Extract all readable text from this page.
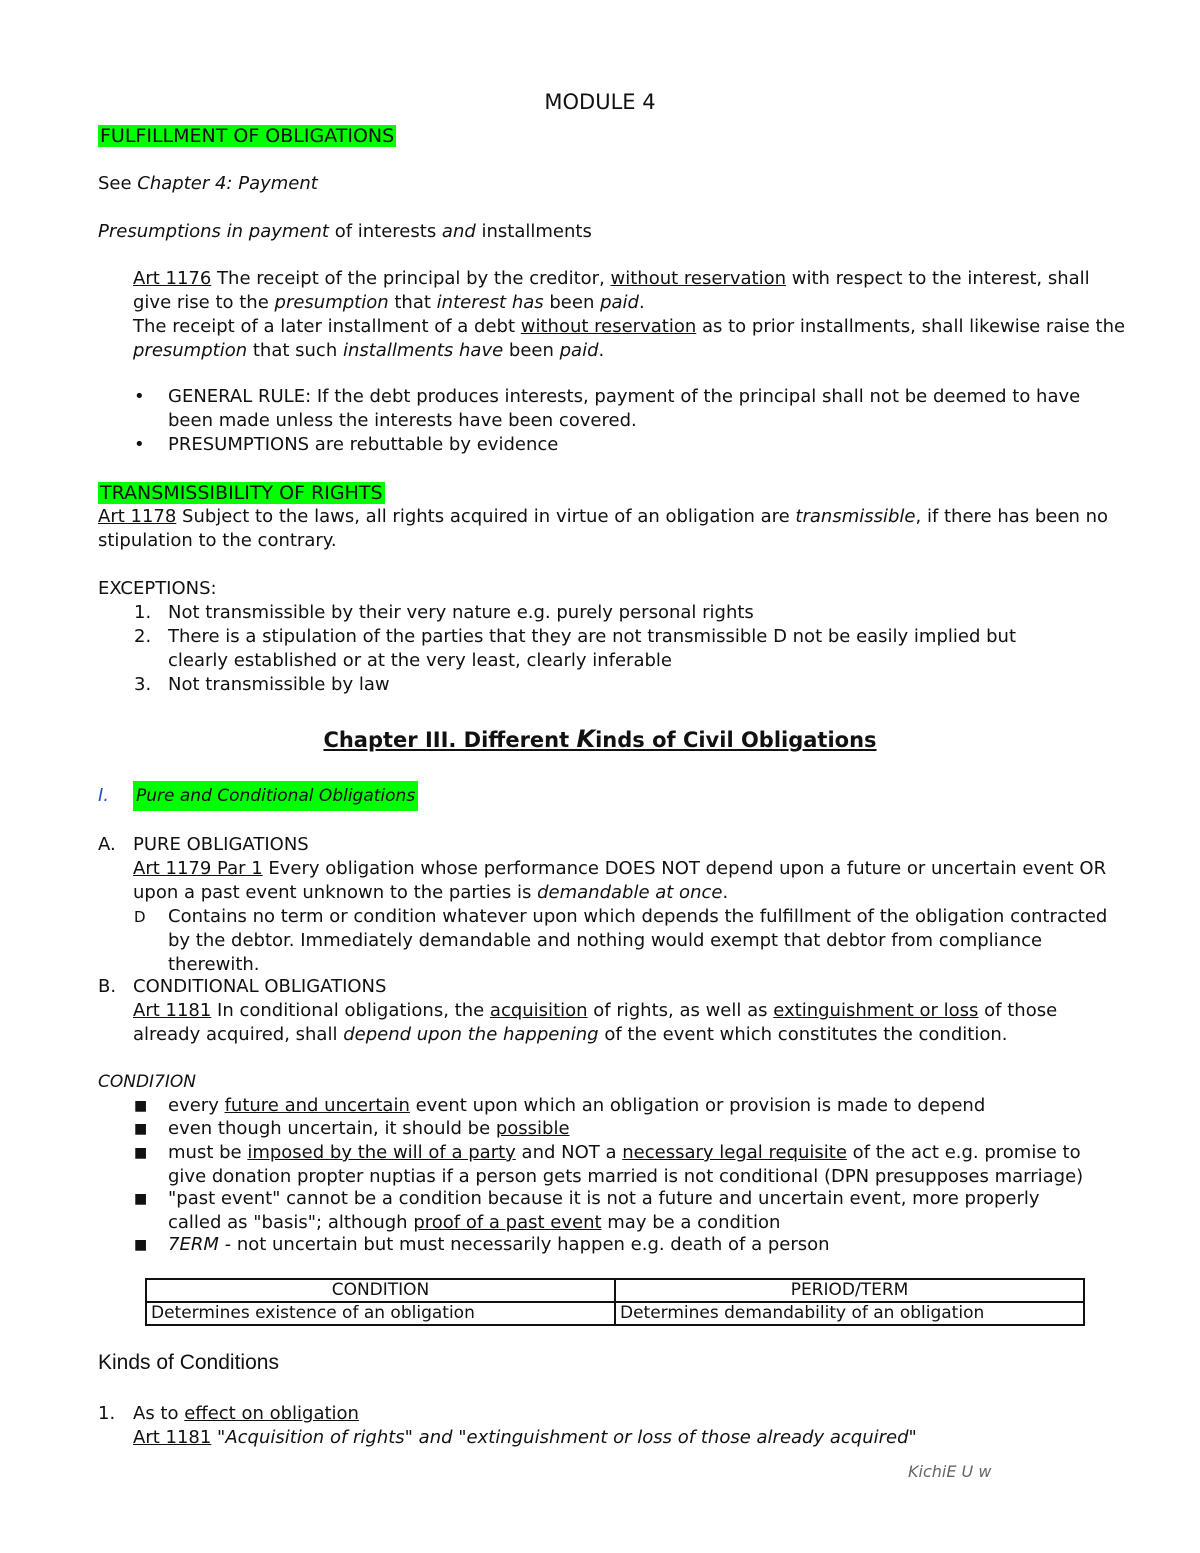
MODULE 4
FULFILLMENT OF OBLIGATIONS
See Chapter 4: Payment
Presumptions in payment of interests and installments
Art 1176 The receipt of the principal by the creditor, without reservation with respect to the interest, shall give rise to the presumption that interest has been paid.
The receipt of a later installment of a debt without reservation as to prior installments, shall likewise raise the presumption that such installments have been paid.
• GENERAL RULE: If the debt produces interests, payment of the principal shall not be deemed to have been made unless the interests have been covered.
• PRESUMPTIONS are rebuttable by evidence
TRANSMISSIBILITY OF RIGHTS
Art 1178 Subject to the laws, all rights acquired in virtue of an obligation are transmissible, if there has been no stipulation to the contrary.
EXCEPTIONS:
1. Not transmissible by their very nature e.g. purely personal rights
2. There is a stipulation of the parties that they are not transmissible D not be easily implied but clearly established or at the very least, clearly inferable
3. Not transmissible by law
Chapter III. Different Kinds of Civil Obligations
I. Pure and Conditional Obligations
A. PURE OBLIGATIONS
Art 1179 Par 1 Every obligation whose performance DOES NOT depend upon a future or uncertain event OR upon a past event unknown to the parties is demandable at once.
D Contains no term or condition whatever upon which depends the fulfillment of the obligation contracted by the debtor. Immediately demandable and nothing would exempt that debtor from compliance therewith.
B. CONDITIONAL OBLIGATIONS
Art 1181 In conditional obligations, the acquisition of rights, as well as extinguishment or loss of those already acquired, shall depend upon the happening of the event which constitutes the condition.
CONDI7ION
■ every future and uncertain event upon which an obligation or provision is made to depend
■ even though uncertain, it should be possible
■ must be imposed by the will of a party and NOT a necessary legal requisite of the act e.g. promise to give donation propter nuptias if a person gets married is not conditional (DPN presupposes marriage)
■ "past event" cannot be a condition because it is not a future and uncertain event, more properly called as "basis"; although proof of a past event may be a condition
■ 7ERM - not uncertain but must necessarily happen e.g. death of a person
CONDITION	PERIOD/TERM
Determines existence of an obligation	Determines demandability of an obligation
Kinds of Conditions
1. As to effect on obligation
Art 1181 "Acquisition of rights" and "extinguishment or loss of those already acquired"
KichiE U w
